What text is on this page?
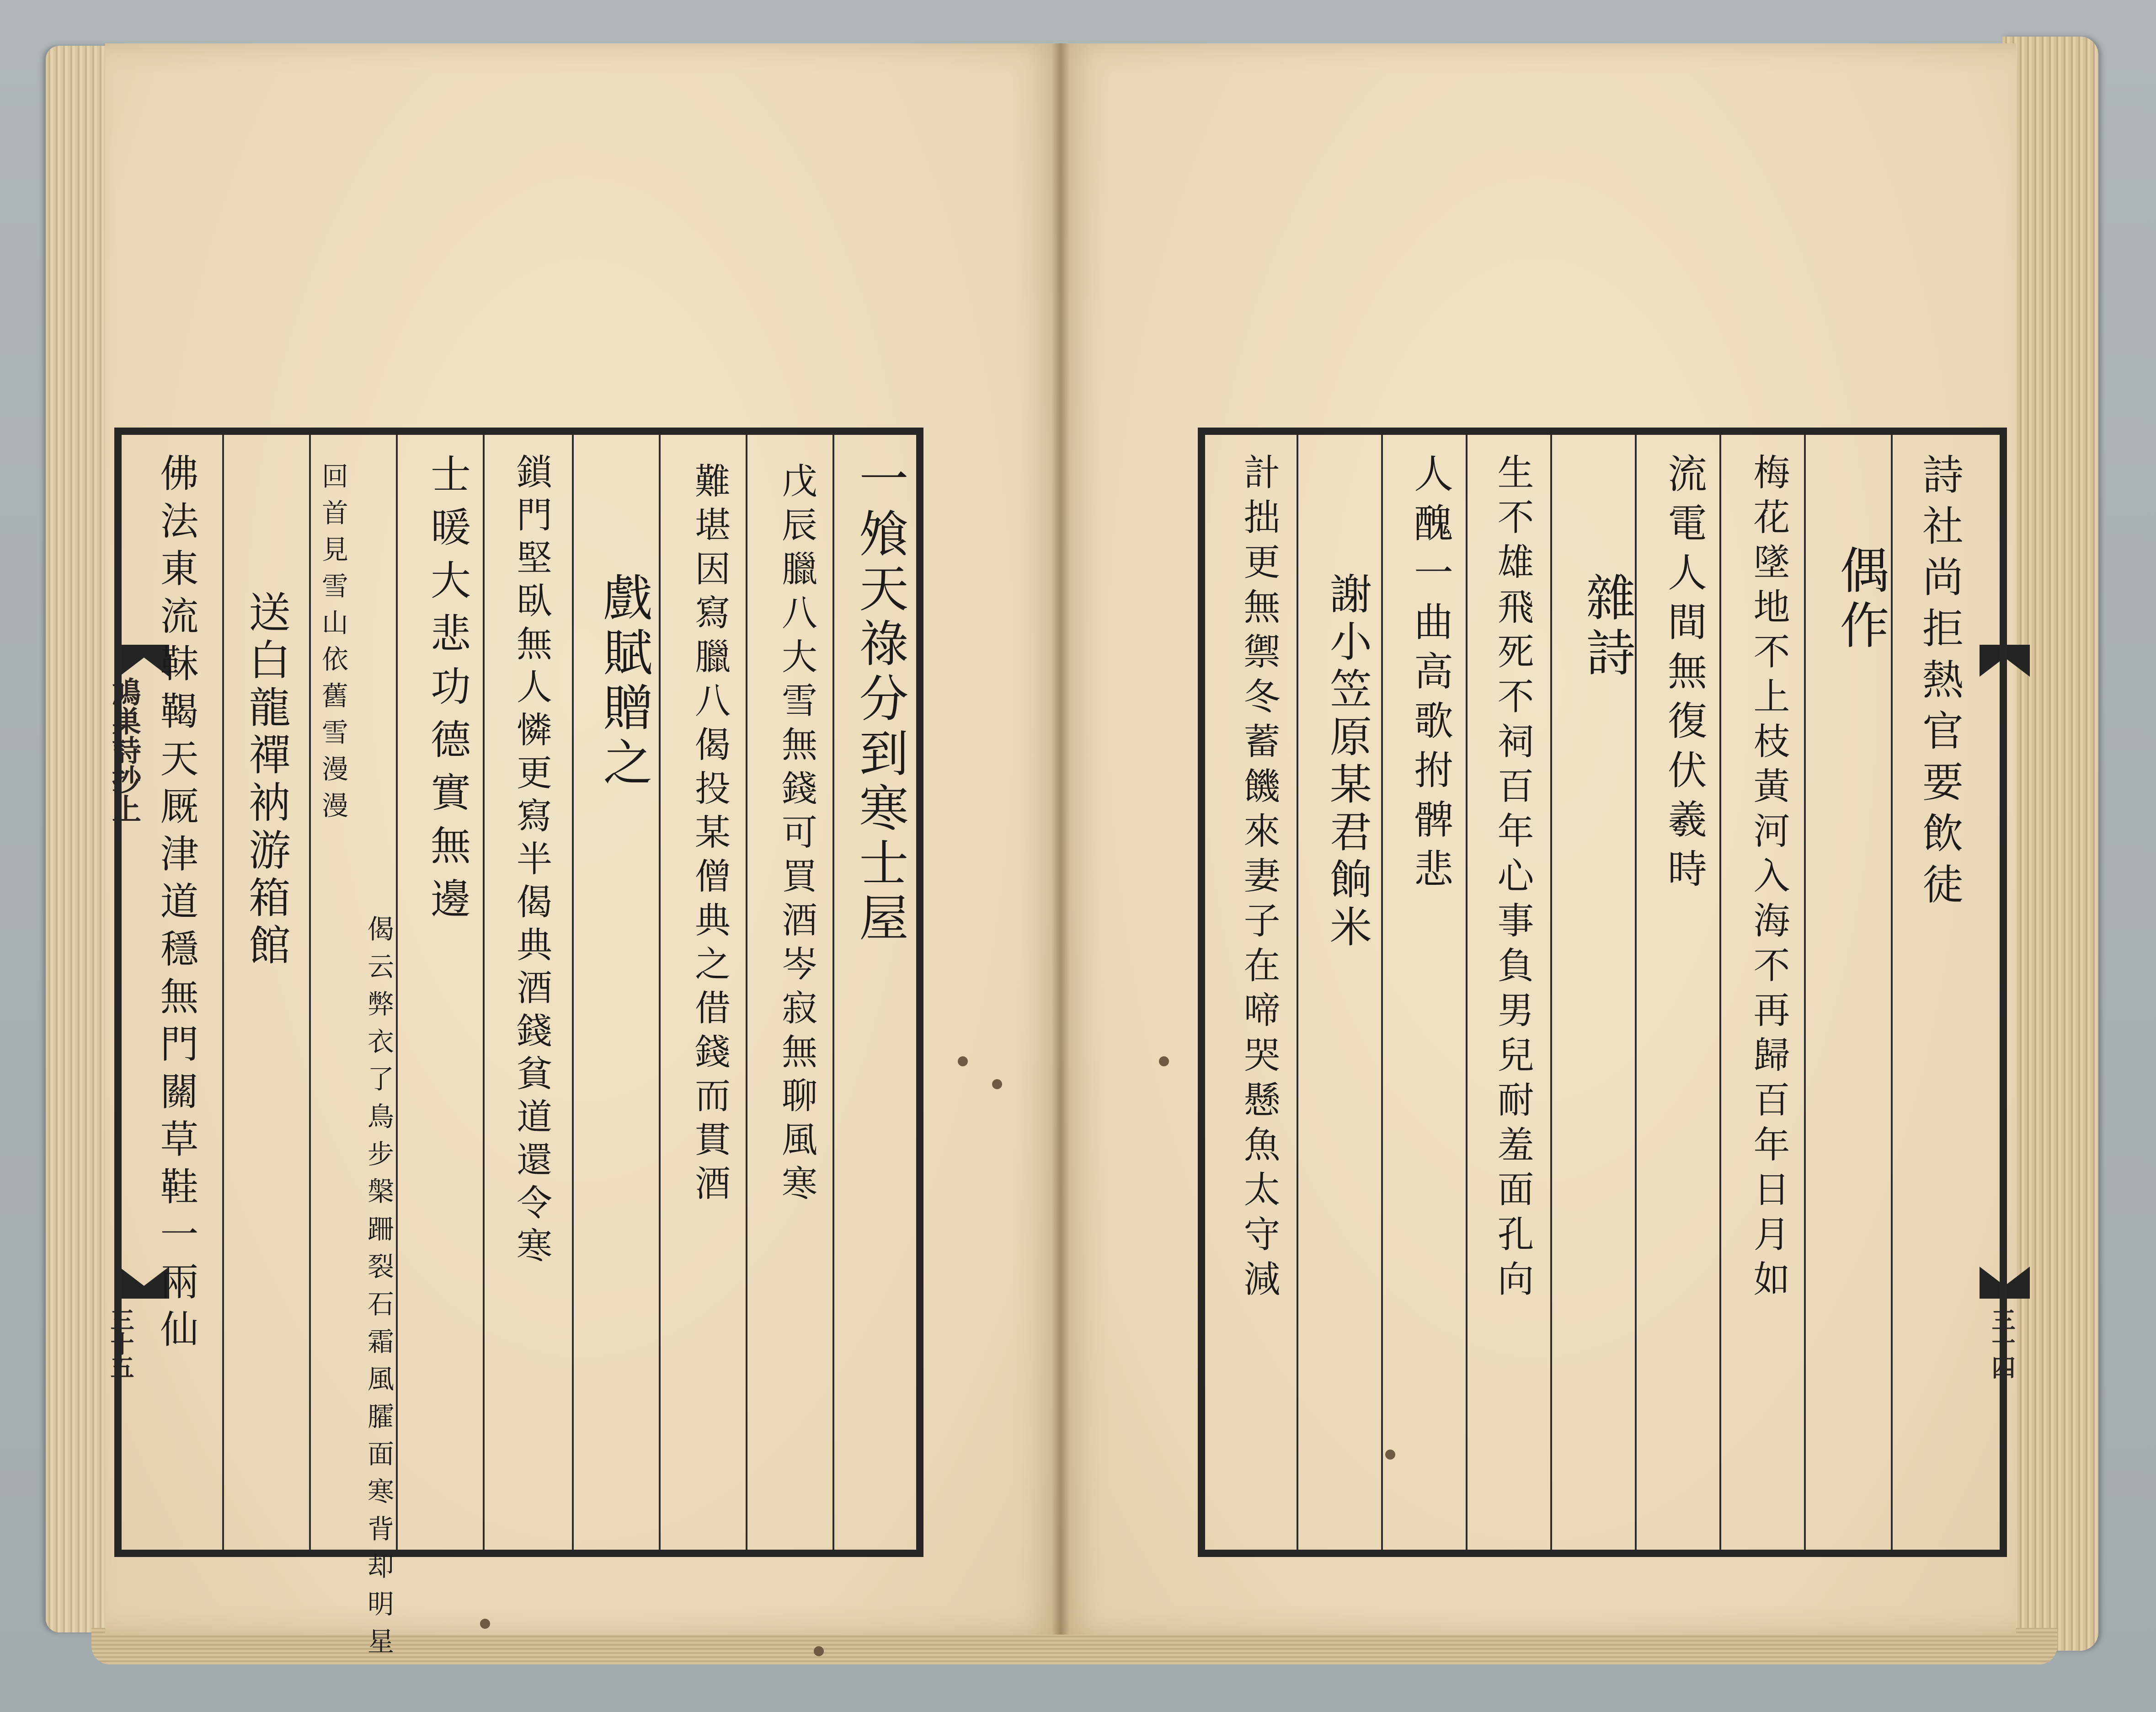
鳩巣詩抄上
三十五	三十四
一飧天祿分到寒士屋
戊辰臘八大雪無錢可買酒岑寂無聊風寒
難堪因寫臘八偈投某僧典之借錢而貫酒
戲賦贈之
鎖門堅臥無人憐更寫半偈典酒錢貧道還令寒
士暖大悲功德實無邊
偈云弊衣了鳥步槃跚裂石霜風臛面寒背却明星
回首見雪山依舊雪漫漫
送白龍禪衲游箱館
佛法東流靺鞨天厩津道穩無門關草鞋一兩仙	詩社尚拒熱官要飲徒
偶作
梅花墜地不上枝黃河入海不再歸百年日月如
流電人間無復伏羲時
雜詩
生不雄飛死不祠百年心事負男兒耐羞面孔向
人醜一曲高歌拊髀悲
謝小笠原某君餉米
計拙更無禦冬蓄饑來妻子在啼哭懸魚太守減
